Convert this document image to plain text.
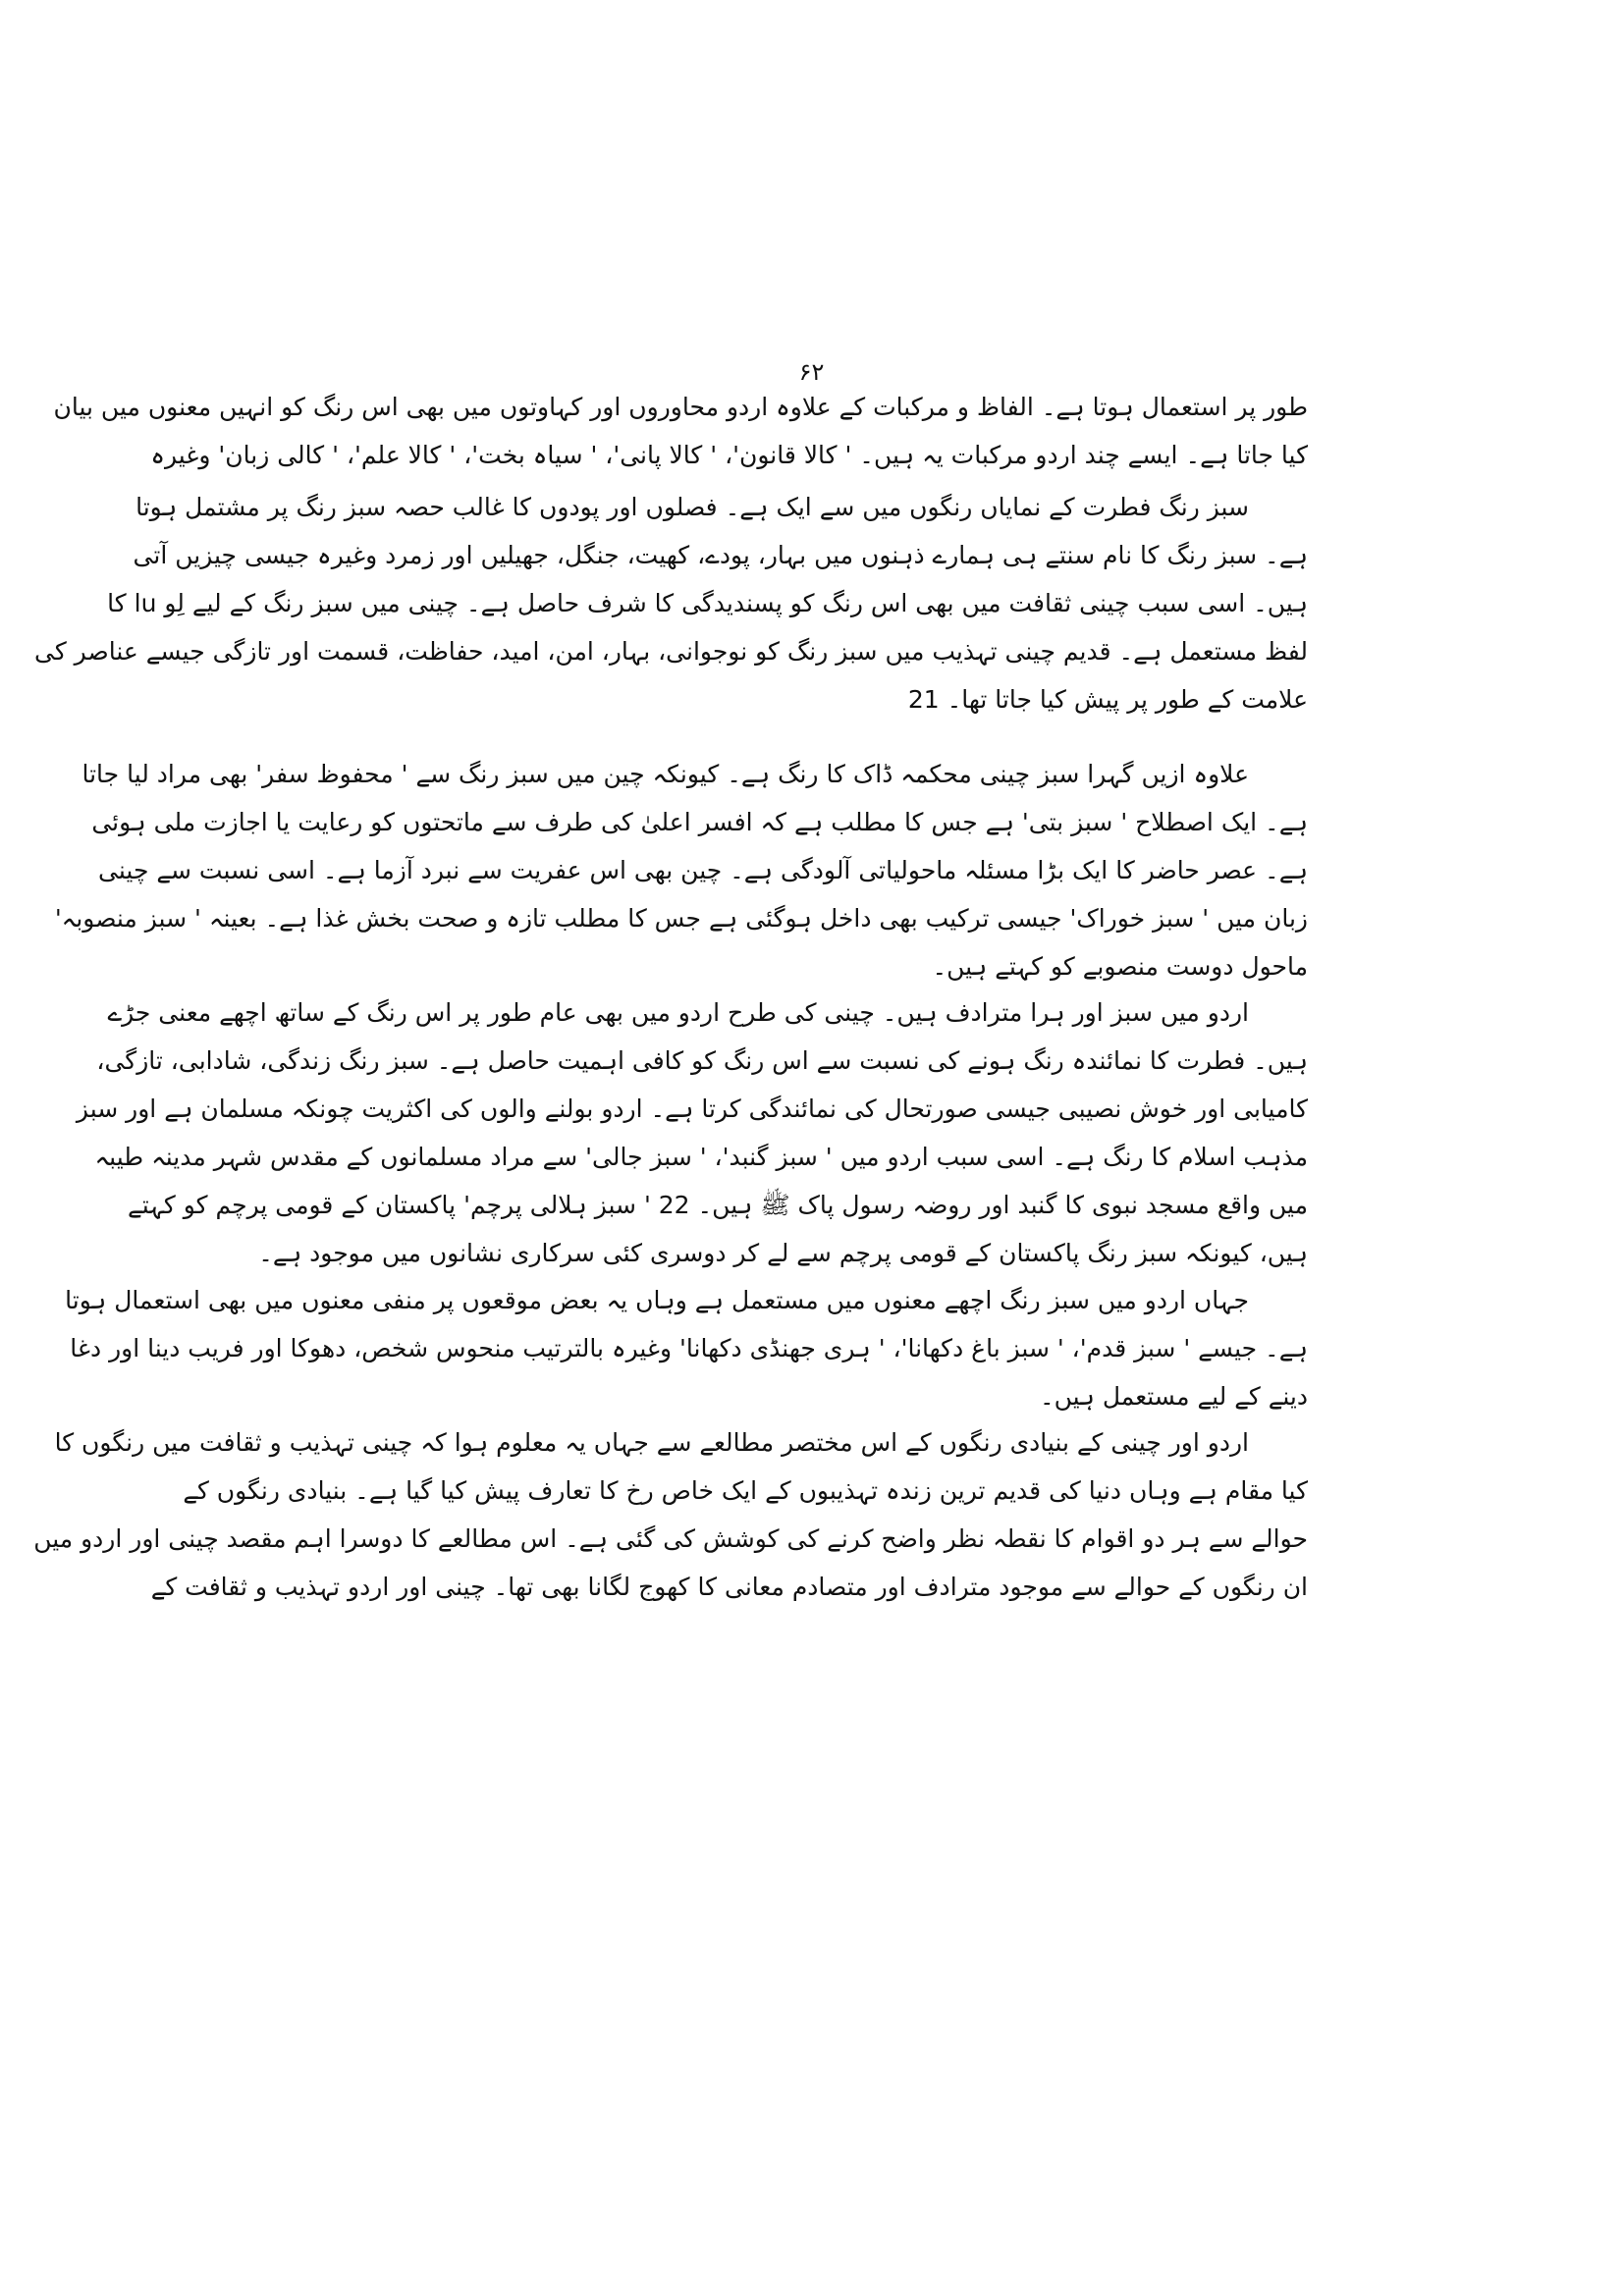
۶۲
طور پر استعمال ہوتا ہے۔ الفاظ و مرکبات کے علاوہ اردو محاوروں اور کہاوتوں میں بھی اس رنگ کو انہیں معنوں میں بیان
کیا جاتا ہے۔ ایسے چند اردو مرکبات یہ ہیں۔ ' کالا قانون'، ' کالا پانی'، ' سیاہ بخت'، ' کالا علم'، ' کالی زبان' وغیرہ
سبز رنگ فطرت کے نمایاں رنگوں میں سے ایک ہے۔ فصلوں اور پودوں کا غالب حصہ سبز رنگ پر مشتمل ہوتا
ہے۔ سبز رنگ کا نام سنتے ہی ہمارے ذہنوں میں بہار، پودے، کھیت، جنگل، جھیلیں اور زمرد وغیرہ جیسی چیزیں آتی
ہیں۔ اسی سبب چینی ثقافت میں بھی اس رنگ کو پسندیدگی کا شرف حاصل ہے۔ چینی میں سبز رنگ کے لیے لِو lu کا
لفظ مستعمل ہے۔ قدیم چینی تہذیب میں سبز رنگ کو نوجوانی، بہار، امن، امید، حفاظت، قسمت اور تازگی جیسے عناصر کی
علامت کے طور پر پیش کیا جاتا تھا۔ 21
علاوہ ازیں گہرا سبز چینی محکمہ ڈاک کا رنگ ہے۔ کیونکہ چین میں سبز رنگ سے ' محفوظ سفر' بھی مراد لیا جاتا
ہے۔ ایک اصطلاح ' سبز بتی' ہے جس کا مطلب ہے کہ افسر اعلیٰ کی طرف سے ماتحتوں کو رعایت یا اجازت ملی ہوئی
ہے۔ عصر حاضر کا ایک بڑا مسئلہ ماحولیاتی آلودگی ہے۔ چین بھی اس عفریت سے نبرد آزما ہے۔ اسی نسبت سے چینی
زبان میں ' سبز خوراک' جیسی ترکیب بھی داخل ہوگئی ہے جس کا مطلب تازہ و صحت بخش غذا ہے۔ بعینہ ' سبز منصوبہ'
ماحول دوست منصوبے کو کہتے ہیں۔
اردو میں سبز اور ہرا مترادف ہیں۔ چینی کی طرح اردو میں بھی عام طور پر اس رنگ کے ساتھ اچھے معنی جڑے
ہیں۔ فطرت کا نمائندہ رنگ ہونے کی نسبت سے اس رنگ کو کافی اہمیت حاصل ہے۔ سبز رنگ زندگی، شادابی، تازگی،
کامیابی اور خوش نصیبی جیسی صورتحال کی نمائندگی کرتا ہے۔ اردو بولنے والوں کی اکثریت چونکہ مسلمان ہے اور سبز
مذہب اسلام کا رنگ ہے۔ اسی سبب اردو میں ' سبز گنبد'، ' سبز جالی' سے مراد مسلمانوں کے مقدس شہر مدینہ طیبہ
میں واقع مسجد نبوی کا گنبد اور روضہ رسول پاک ﷺ ہیں۔ 22 ' سبز ہلالی پرچم' پاکستان کے قومی پرچم کو کہتے
ہیں، کیونکہ سبز رنگ پاکستان کے قومی پرچم سے لے کر دوسری کئی سرکاری نشانوں میں موجود ہے۔
جہاں اردو میں سبز رنگ اچھے معنوں میں مستعمل ہے وہاں یہ بعض موقعوں پر منفی معنوں میں بھی استعمال ہوتا
ہے۔ جیسے ' سبز قدم'، ' سبز باغ دکھانا'، ' ہری جھنڈی دکھانا' وغیرہ بالترتیب منحوس شخص، دھوکا اور فریب دینا اور دغا
دینے کے لیے مستعمل ہیں۔
اردو اور چینی کے بنیادی رنگوں کے اس مختصر مطالعے سے جہاں یہ معلوم ہوا کہ چینی تہذیب و ثقافت میں رنگوں کا
کیا مقام ہے وہاں دنیا کی قدیم ترین زندہ تہذیبوں کے ایک خاص رخ کا تعارف پیش کیا گیا ہے۔ بنیادی رنگوں کے
حوالے سے ہر دو اقوام کا نقطہ نظر واضح کرنے کی کوشش کی گئی ہے۔ اس مطالعے کا دوسرا اہم مقصد چینی اور اردو میں
ان رنگوں کے حوالے سے موجود مترادف اور متصادم معانی کا کھوج لگانا بھی تھا۔ چینی اور اردو تہذیب و ثقافت کے
